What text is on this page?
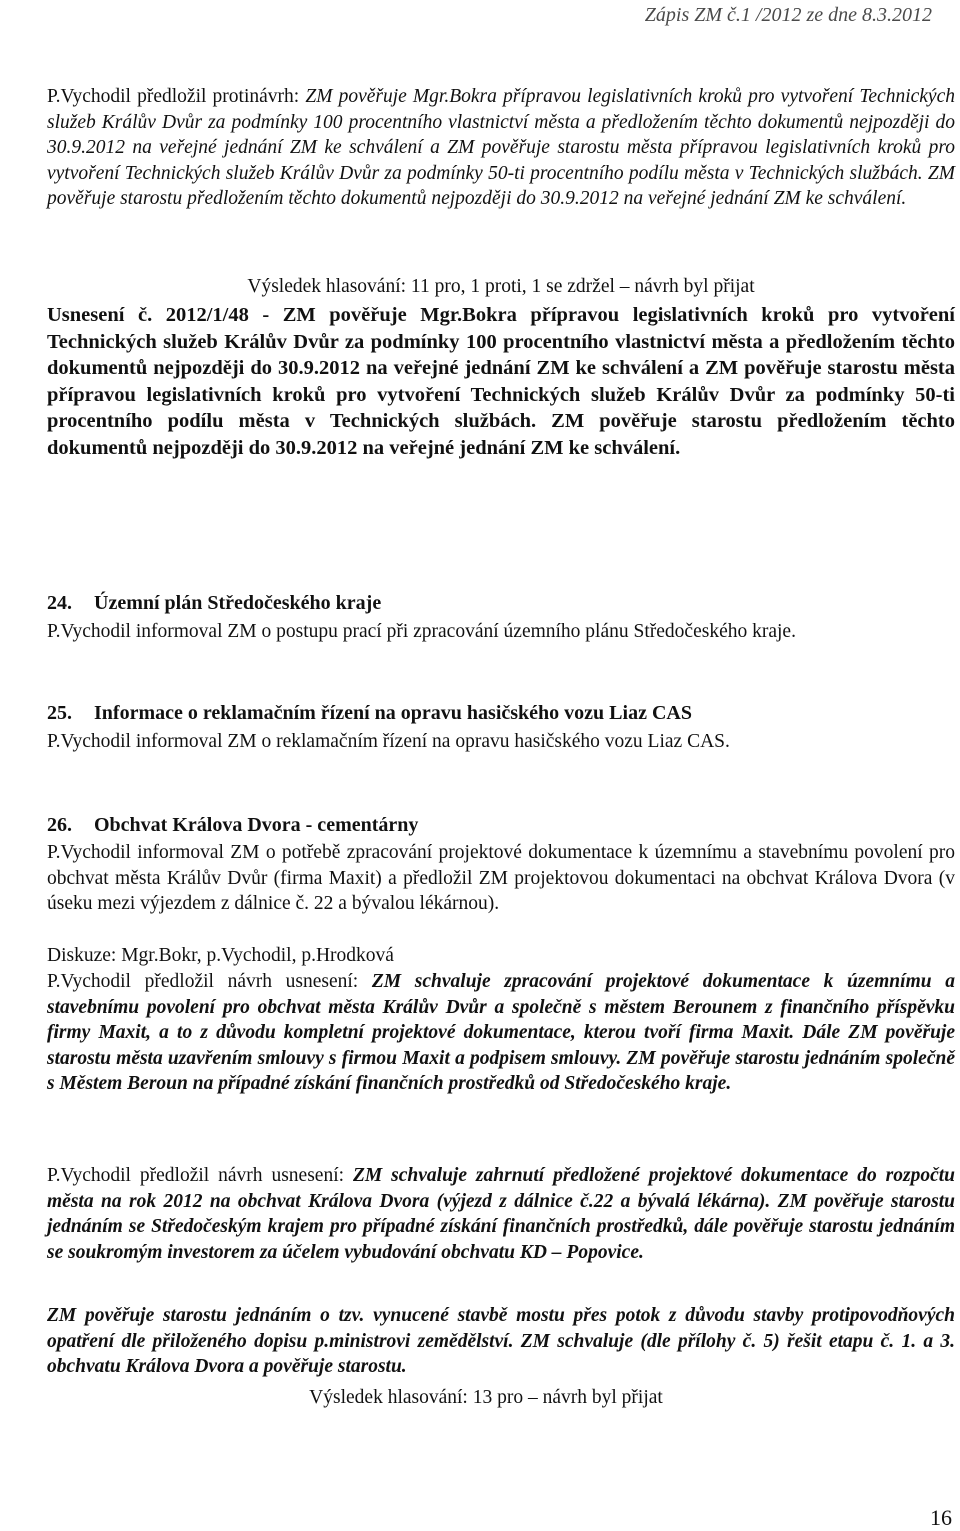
Zápis ZM č.1 /2012 ze dne 8.3.2012

P.Vychodil předložil protinávrh: ZM pověřuje Mgr.Bokra přípravou legislativních kroků pro vytvoření Technických služeb Králův Dvůr za podmínky 100 procentního vlastnictví města a předložením těchto dokumentů nejpozději do 30.9.2012 na veřejné jednání ZM ke schválení a ZM pověřuje starostu města přípravou legislativních kroků pro vytvoření Technických služeb Králův Dvůr za podmínky 50-ti procentního podílu města v Technických službách. ZM pověřuje starostu předložením těchto dokumentů nejpozději do 30.9.2012 na veřejné jednání ZM ke schválení.

Výsledek hlasování: 11 pro, 1 proti, 1 se zdržel – návrh byl přijat

Usnesení č. 2012/1/48 - ZM pověřuje Mgr.Bokra přípravou legislativních kroků pro vytvoření Technických služeb Králův Dvůr za podmínky 100 procentního vlastnictví města a předložením těchto dokumentů nejpozději do 30.9.2012 na veřejné jednání ZM ke schválení a ZM pověřuje starostu města přípravou legislativních kroků pro vytvoření Technických služeb Králův Dvůr za podmínky 50-ti procentního podílu města v Technických službách. ZM pověřuje starostu předložením těchto dokumentů nejpozději do 30.9.2012 na veřejné jednání ZM ke schválení.

24. Územní plán Středočeského kraje

P.Vychodil informoval ZM o postupu prací při zpracování územního plánu Středočeského kraje.

25. Informace o reklamačním řízení na opravu hasičského vozu Liaz CAS

P.Vychodil informoval ZM o reklamačním řízení na opravu hasičského vozu Liaz CAS.

26. Obchvat Králova Dvora - cementárny

P.Vychodil informoval ZM o potřebě zpracování projektové dokumentace k územnímu a stavebnímu povolení pro obchvat města Králův Dvůr (firma Maxit) a předložil ZM projektovou dokumentaci na obchvat Králova Dvora (v úseku mezi výjezdem z dálnice č. 22 a bývalou lékárnou).

Diskuze: Mgr.Bokr, p.Vychodil, p.Hrodková

P.Vychodil předložil návrh usnesení: ZM schvaluje zpracování projektové dokumentace k územnímu a stavebnímu povolení pro obchvat města Králův Dvůr a společně s městem Berounem z finančního příspěvku firmy Maxit, a to z důvodu kompletní projektové dokumentace, kterou tvoří firma Maxit. Dále ZM pověřuje starostu města uzavřením smlouvy s firmou Maxit a podpisem smlouvy. ZM pověřuje starostu jednáním společně s Městem Beroun na případné získání finančních prostředků od Středočeského kraje.

P.Vychodil předložil návrh usnesení: ZM schvaluje zahrnutí předložené projektové dokumentace do rozpočtu města na rok 2012 na obchvat Králova Dvora (výjezd z dálnice č.22 a bývalá lékárna). ZM pověřuje starostu jednáním se Středočeským krajem pro případné získání finančních prostředků, dále pověřuje starostu jednáním se soukromým investorem za účelem vybudování obchvatu KD – Popovice.

ZM pověřuje starostu jednáním o tzv. vynucené stavbě mostu přes potok z důvodu stavby protipovodňových opatření dle přiloženého dopisu p.ministrovi zemědělství. ZM schvaluje (dle přílohy č. 5) řešit etapu č. 1. a 3. obchvatu Králova Dvora a pověřuje starostu.

Výsledek hlasování: 13 pro – návrh byl přijat

16
